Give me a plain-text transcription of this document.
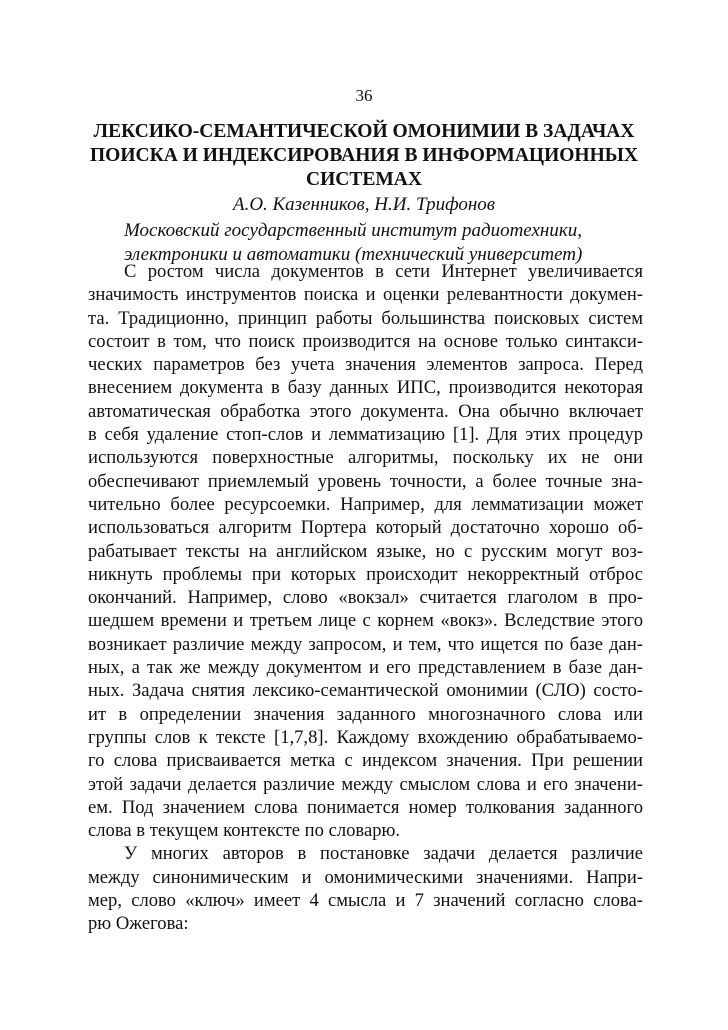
36
ЛЕКСИКО-СЕМАНТИЧЕСКОЙ ОМОНИМИИ В ЗАДАЧАХ
ПОИСКА И ИНДЕКСИРОВАНИЯ В ИНФОРМАЦИОННЫХ
СИСТЕМАХ
А.О. Казенников, Н.И. Трифонов
Московский государственный институт радиотехники,
электроники и автоматики (технический университет)
С ростом числа документов в сети Интернет увеличивается
значимость инструментов поиска и оценки релевантности докумен-
та. Традиционно, принцип работы большинства поисковых систем
состоит в том, что поиск производится на основе только синтакси-
ческих параметров без учета значения элементов запроса. Перед
внесением документа в базу данных ИПС, производится некоторая
автоматическая обработка этого документа. Она обычно включает
в себя удаление стоп-слов и лемматизацию [1]. Для этих процедур
используются поверхностные алгоритмы, поскольку их не они
обеспечивают приемлемый уровень точности, а более точные зна-
чительно более ресурсоемки. Например, для лемматизации может
использоваться алгоритм Портера который достаточно хорошо об-
рабатывает тексты на английском языке, но с русским могут воз-
никнуть проблемы при которых происходит некорректный отброс
окончаний. Например, слово «вокзал» считается глаголом в про-
шедшем времени и третьем лице с корнем «вокз». Вследствие этого
возникает различие между запросом, и тем, что ищется по базе дан-
ных, а так же между документом и его представлением в базе дан-
ных. Задача снятия лексико-семантической омонимии (СЛО) состо-
ит в определении значения заданного многозначного слова или
группы слов к тексте [1,7,8]. Каждому вхождению обрабатываемо-
го слова присваивается метка с индексом значения. При решении
этой задачи делается различие между смыслом слова и его значени-
ем. Под значением слова понимается номер толкования заданного
слова в текущем контексте по словарю.
У многих авторов в постановке задачи делается различие
между синонимическим и омонимическими значениями. Напри-
мер, слово «ключ» имеет 4 смысла и 7 значений согласно слова-
рю Ожегова:
